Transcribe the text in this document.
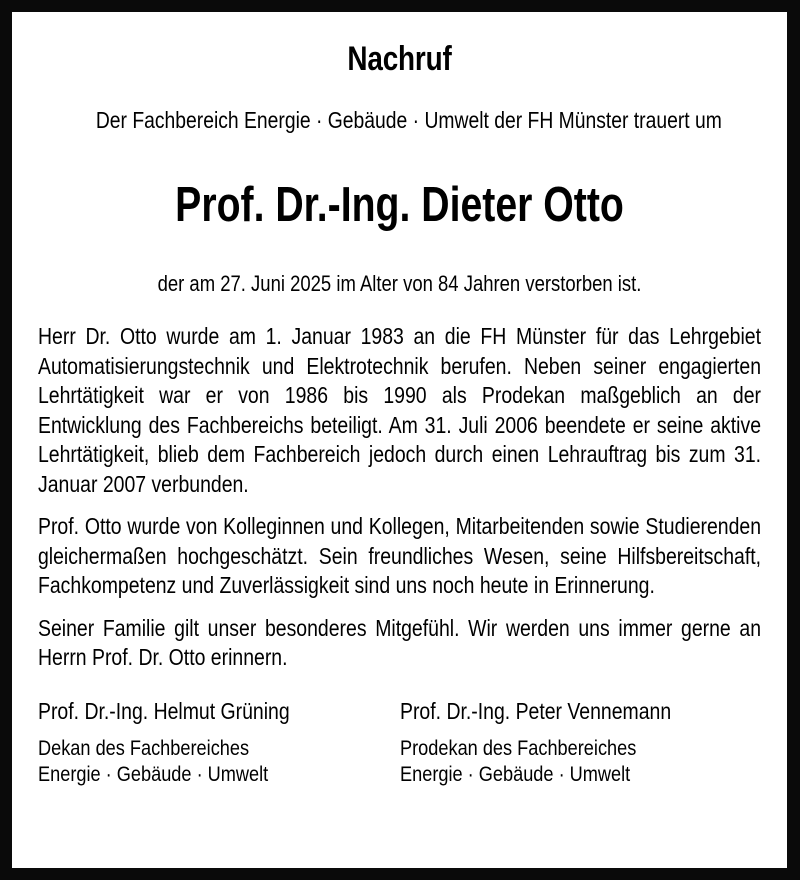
Nachruf

Der Fachbereich Energie · Gebäude · Umwelt der FH Münster trauert um

Prof. Dr.-Ing. Dieter Otto

der am 27. Juni 2025 im Alter von 84 Jahren verstorben ist.

Herr Dr. Otto wurde am 1. Januar 1983 an die FH Münster für das Lehrgebiet Automatisierungstechnik und Elektrotechnik berufen. Neben seiner engagierten Lehrtätigkeit war er von 1986 bis 1990 als Prodekan maßgeblich an der Entwicklung des Fachbereichs beteiligt. Am 31. Juli 2006 beendete er seine aktive Lehrtätigkeit, blieb dem Fachbereich jedoch durch einen Lehrauftrag bis zum 31. Januar 2007 verbunden.

Prof. Otto wurde von Kolleginnen und Kollegen, Mitarbeitenden sowie Studierenden gleichermaßen hochgeschätzt. Sein freundliches Wesen, seine Hilfsbereitschaft, Fachkompetenz und Zuverlässigkeit sind uns noch heute in Erinnerung.

Seiner Familie gilt unser besonderes Mitgefühl. Wir werden uns immer gerne an Herrn Prof. Dr. Otto erinnern.

Prof. Dr.-Ing. Helmut Grüning

Dekan des Fachbereiches

Energie · Gebäude · Umwelt

Prof. Dr.-Ing. Peter Vennemann

Prodekan des Fachbereiches

Energie · Gebäude · Umwelt
